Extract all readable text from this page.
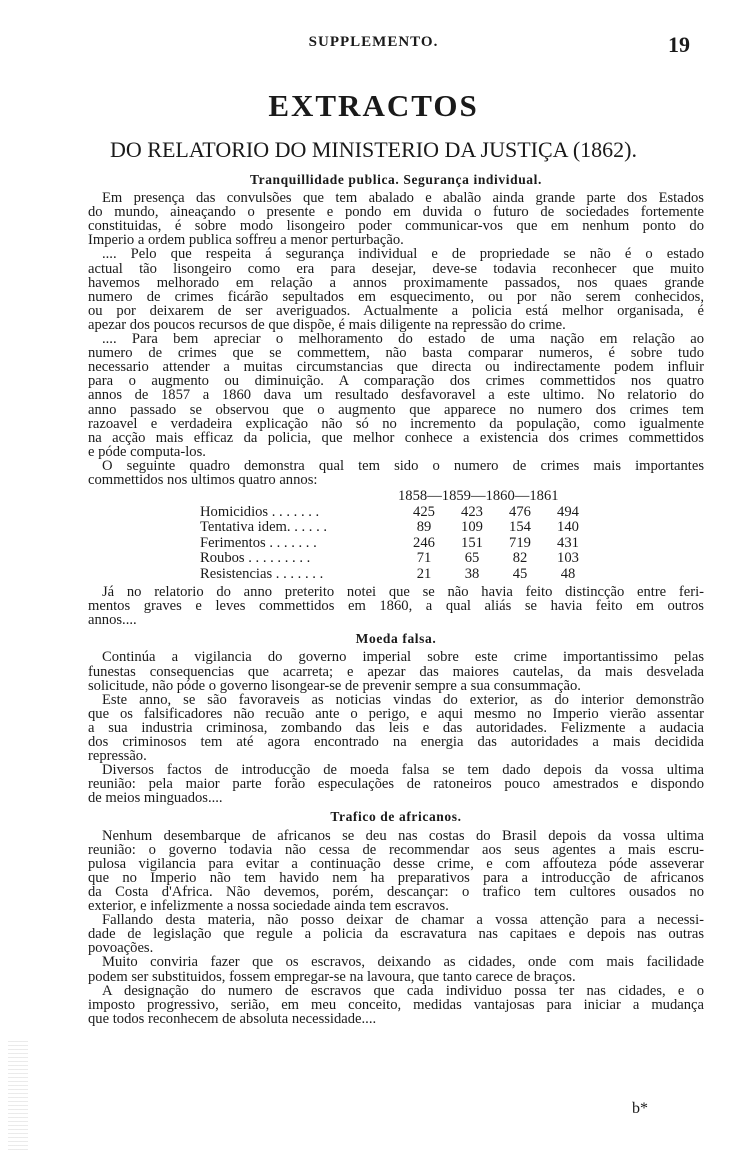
SUPPLEMENTO.	19
EXTRACTOS
DO RELATORIO DO MINISTERIO DA JUSTIÇA (1862).
Tranquillidade publica. Segurança individual.
Em presença das convulsões que tem abalado e abalão ainda grande parte dos Estados
do mundo, aineaçando o presente e pondo em duvida o futuro de sociedades fortemente
constituidas, é sobre modo lisongeiro poder communicar-vos que em nenhum ponto do
Imperio a ordem publica soffreu a menor perturbação.
.... Pelo que respeita á segurança individual e de propriedade se não é o estado
actual tão lisongeiro como era para desejar, deve-se todavia reconhecer que muito
havemos melhorado em relação a annos proximamente passados, nos quaes grande
numero de crimes ficárão sepultados em esquecimento, ou por não serem conhecidos,
ou por deixarem de ser averiguados. Actualmente a policia está melhor organisada, é
apezar dos poucos recursos de que dispõe, é mais diligente na repressão do crime.
.... Para bem apreciar o melhoramento do estado de uma nação em relação ao
numero de crimes que se commettem, não basta comparar numeros, é sobre tudo
necessario attender a muitas circumstancias que directa ou indirectamente podem influir
para o augmento ou diminuição. A comparação dos crimes commettidos nos quatro
annos de 1857 a 1860 dava um resultado desfavoravel a este ultimo. No relatorio do
anno passado se observou que o augmento que apparece no numero dos crimes tem
razoavel e verdadeira explicação não só no incremento da população, como igualmente
na acção mais efficaz da policia, que melhor conhece a existencia dos crimes commettidos
e póde computa-los.
O seguinte quadro demonstra qual tem sido o numero de crimes mais importantes
commettidos nos ultimos quatro annos:
1858—1859—1860—1861				
Homicidios . . . . . . .	425	423	476	494
Tentativa idem. . . . . .	89	109	154	140
Ferimentos . . . . . . .	246	151	719	431
Roubos . . . . . . . . .	71	65	82	103
Resistencias . . . . . . .	21	38	45	48
Já no relatorio do anno preterito notei que se não havia feito distincção entre feri-
mentos graves e leves commettidos em 1860, a qual aliás se havia feito em outros
annos....
Moeda falsa.
Continúa a vigilancia do governo imperial sobre este crime importantissimo pelas
funestas consequencias que acarreta; e apezar das maiores cautelas, da mais desvelada
solicitude, não póde o governo lisongear-se de prevenir sempre a sua consummação.
Este anno, se são favoraveis as noticias vindas do exterior, as do interior demonstrão
que os falsificadores não recuão ante o perigo, e aqui mesmo no Imperio vierão assentar
a sua industria criminosa, zombando das leis e das autoridades. Felizmente a audacia
dos criminosos tem até agora encontrado na energia das autoridades a mais decidida
repressão.
Diversos factos de introducção de moeda falsa se tem dado depois da vossa ultima
reunião: pela maior parte forão especulações de ratoneiros pouco amestrados e dispondo
de meios minguados....
Trafico de africanos.
Nenhum desembarque de africanos se deu nas costas do Brasil depois da vossa ultima
reunião: o governo todavia não cessa de recommendar aos seus agentes a mais escru-
pulosa vigilancia para evitar a continuação desse crime, e com affouteza póde asseverar
que no Imperio não tem havido nem ha preparativos para a introducção de africanos
da Costa d'Africa. Não devemos, porém, descançar: o trafico tem cultores ousados no
exterior, e infelizmente a nossa sociedade ainda tem escravos.
Fallando desta materia, não posso deixar de chamar a vossa attenção para a necessi-
dade de legislação que regule a policia da escravatura nas capitaes e depois nas outras
povoações.
Muito conviria fazer que os escravos, deixando as cidades, onde com mais facilidade
podem ser substituidos, fossem empregar-se na lavoura, que tanto carece de braços.
A designação do numero de escravos que cada individuo possa ter nas cidades, e o
imposto progressivo, serião, em meu conceito, medidas vantajosas para iniciar a mudança
que todos reconhecem de absoluta necessidade....
b*
